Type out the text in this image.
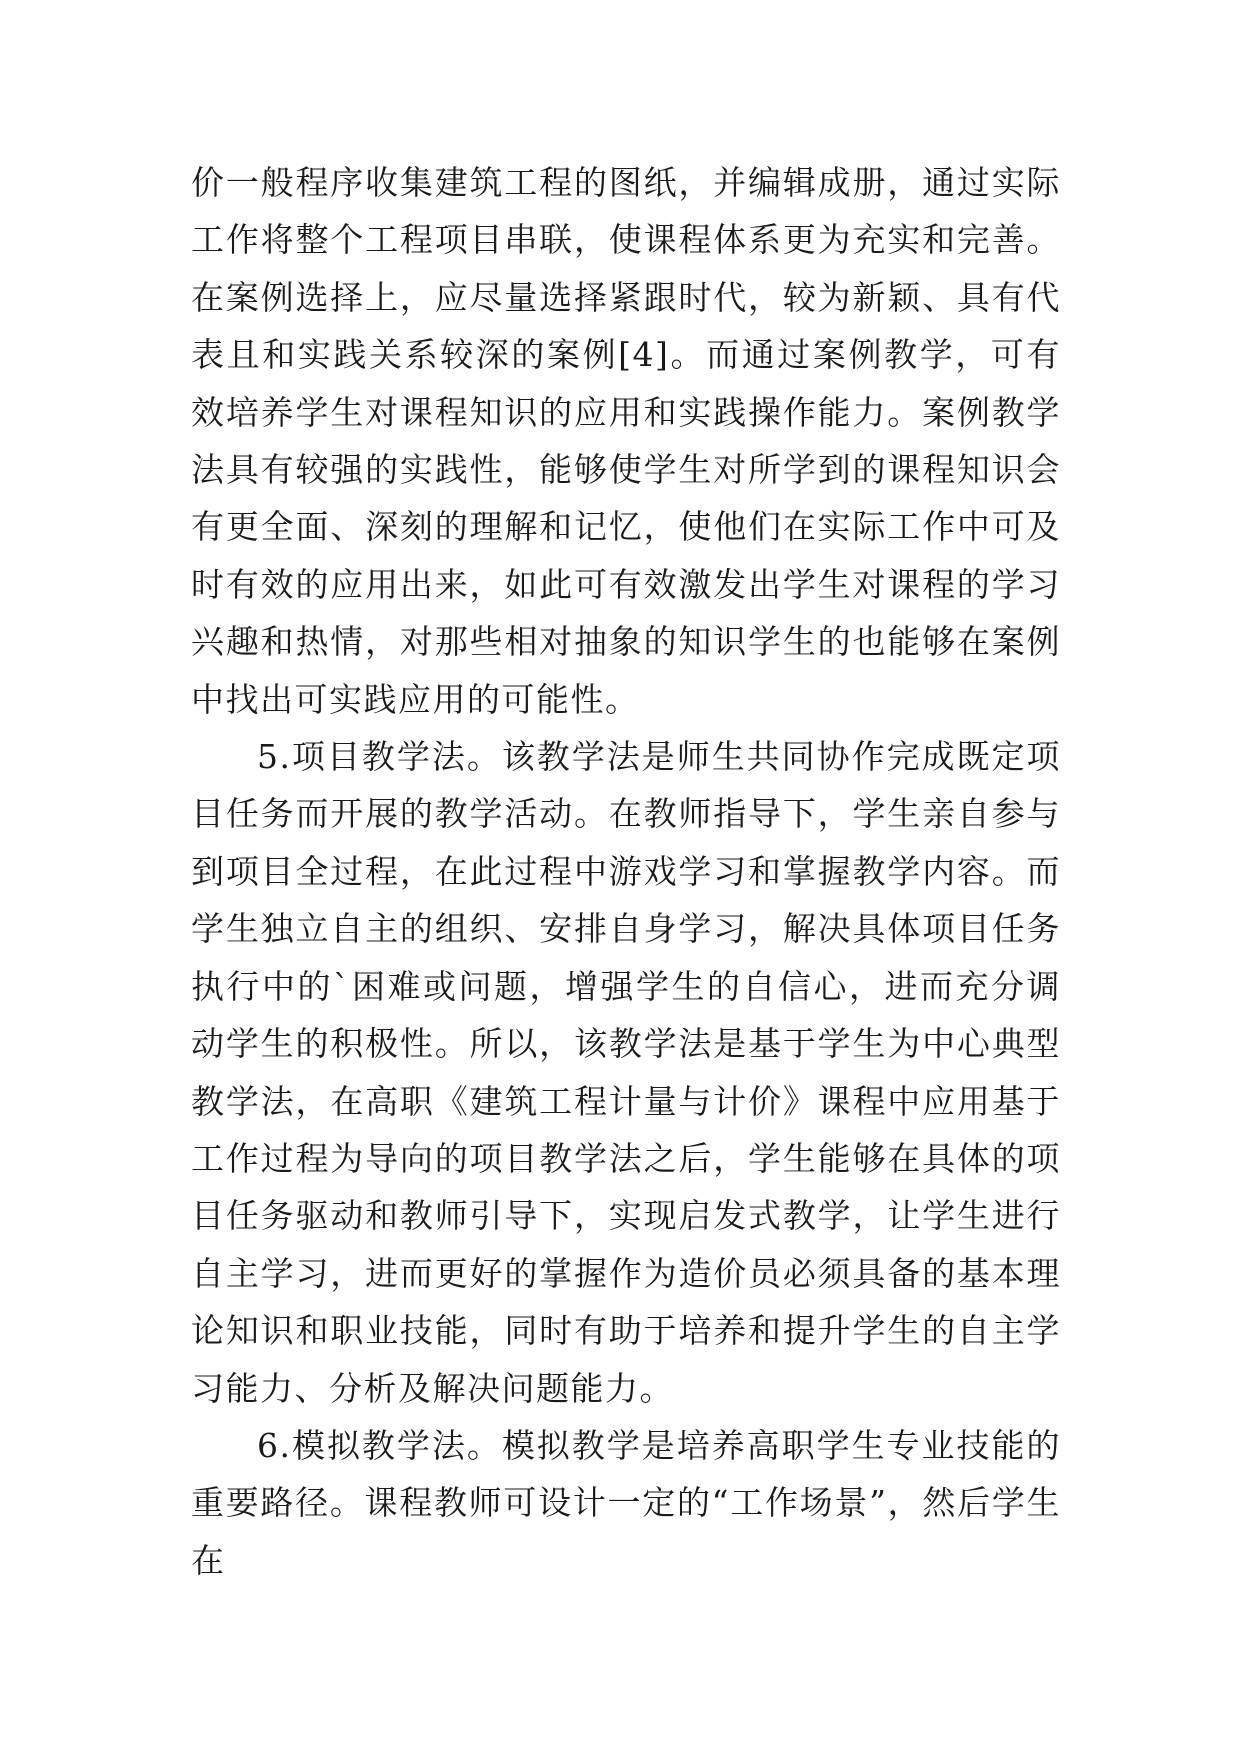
价一般程序收集建筑工程的图纸，并编辑成册，通过实际工作将整个工程项目串联，使课程体系更为充实和完善。在案例选择上，应尽量选择紧跟时代，较为新颖、具有代表且和实践关系较深的案例[4]。而通过案例教学，可有效培养学生对课程知识的应用和实践操作能力。案例教学法具有较强的实践性，能够使学生对所学到的课程知识会有更全面、深刻的理解和记忆，使他们在实际工作中可及时有效的应用出来，如此可有效激发出学生对课程的学习兴趣和热情，对那些相对抽象的知识学生的也能够在案例中找出可实践应用的可能性。

5.项目教学法。该教学法是师生共同协作完成既定项目任务而开展的教学活动。在教师指导下，学生亲自参与到项目全过程，在此过程中游戏学习和掌握教学内容。而学生独立自主的组织、安排自身学习，解决具体项目任务执行中的`困难或问题，增强学生的自信心，进而充分调动学生的积极性。所以，该教学法是基于学生为中心典型教学法，在高职《建筑工程计量与计价》课程中应用基于工作过程为导向的项目教学法之后，学生能够在具体的项目任务驱动和教师引导下，实现启发式教学，让学生进行自主学习，进而更好的掌握作为造价员必须具备的基本理论知识和职业技能，同时有助于培养和提升学生的自主学习能力、分析及解决问题能力。

6.模拟教学法。模拟教学是培养高职学生专业技能的重要路径。课程教师可设计一定的“工作场景”，然后学生在
